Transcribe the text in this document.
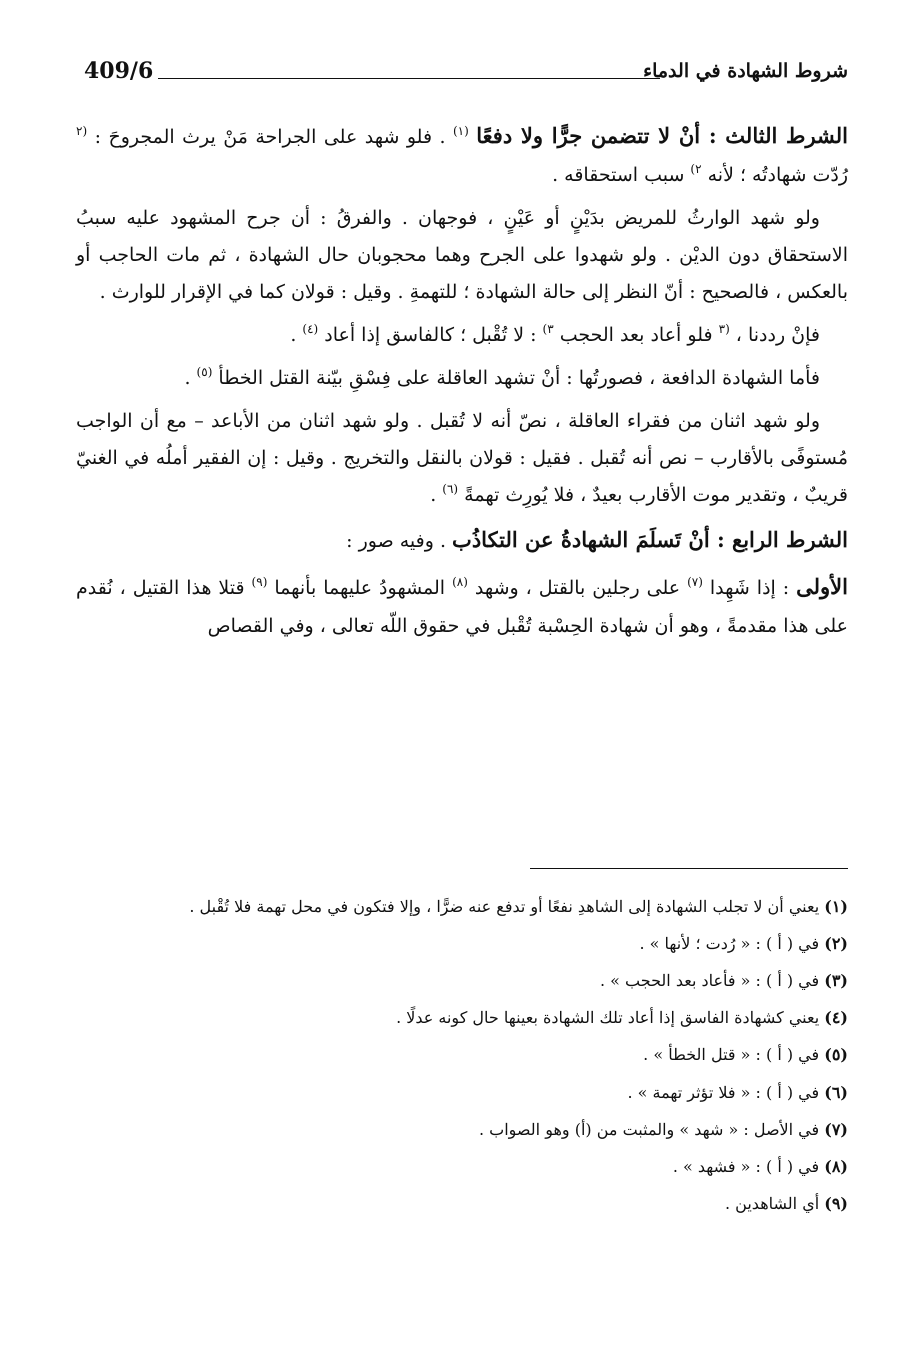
409/6	شروط الشهادة في الدماء

الشرط الثالث : أنْ لا تتضمن جرًّا ولا دفعًا $^{(١)}$ . فلو شهد على الجراحة مَنْ يرث المجروحَ : $^{(٢}$ رُدّت شهادتُه ؛ لأنه $^{٢)}$ سبب استحقاقه .

ولو شهد الوارثُ للمريض بدَيْنٍ أو عَيْنٍ ، فوجهان . والفرقُ : أن جرح المشهود عليه سببُ الاستحقاق دون الديْن . ولو شهدوا على الجرح وهما محجوبان حال الشهادة ، ثم مات الحاجب أو بالعكس ، فالصحيح : أنّ النظر إلى حالة الشهادة ؛ للتهمةِ . وقيل : قولان كما في الإقرار للوارث .

فإنْ رددنا ، $^{(٣}$ فلو أعاد بعد الحجب $^{٣)}$ : لا تُقْبل ؛ كالفاسق إذا أعاد $^{(٤)}$ .

فأما الشهادة الدافعة ، فصورتُها : أنْ تشهد العاقلة على فِسْقِ بيّنة القتل الخطأ $^{(٥)}$ .

ولو شهد اثنان من فقراء العاقلة ، نصّ أنه لا تُقبل . ولو شهد اثنان من الأباعد – مع أن الواجب مُستوفًى بالأقارب – نص أنه تُقبل . فقيل : قولان بالنقل والتخريج . وقيل : إن الفقير أملُه في الغنيّ قريبٌ ، وتقدير موت الأقارب بعيدٌ ، فلا يُورِث تهمةً $^{(٦)}$ .

الشرط الرابع : أنْ تَسلَمَ الشهادةُ عن التكاذُب . وفيه صور :

الأولى : إذا شَهِدا $^{(٧)}$ على رجلين بالقتل ، وشهد $^{(٨)}$ المشهودُ عليهما بأنهما $^{(٩)}$ قتلا هذا القتيل ، نُقدم على هذا مقدمةً ، وهو أن شهادة الحِسْبة تُقْبل في حقوق اللّه تعالى ، وفي القصاص

(١) يعني أن لا تجلب الشهادة إلى الشاهدِ نفعًا أو تدفع عنه ضرًّا ، وإلا فتكون في محل تهمة فلا تُقْبل .

(٢) في ( أ ) : « رُدت ؛ لأنها » .

(٣) في ( أ ) : « فأعاد بعد الحجب » .

(٤) يعني كشهادة الفاسق إذا أعاد تلك الشهادة بعينها حال كونه عدلًا .

(٥) في ( أ ) : « قتل الخطأ » .

(٦) في ( أ ) : « فلا تؤثر تهمة » .

(٧) في الأصل : « شهد » والمثبت من (أ) وهو الصواب .

(٨) في ( أ ) : « فشهد » .

(٩) أي الشاهدين .
